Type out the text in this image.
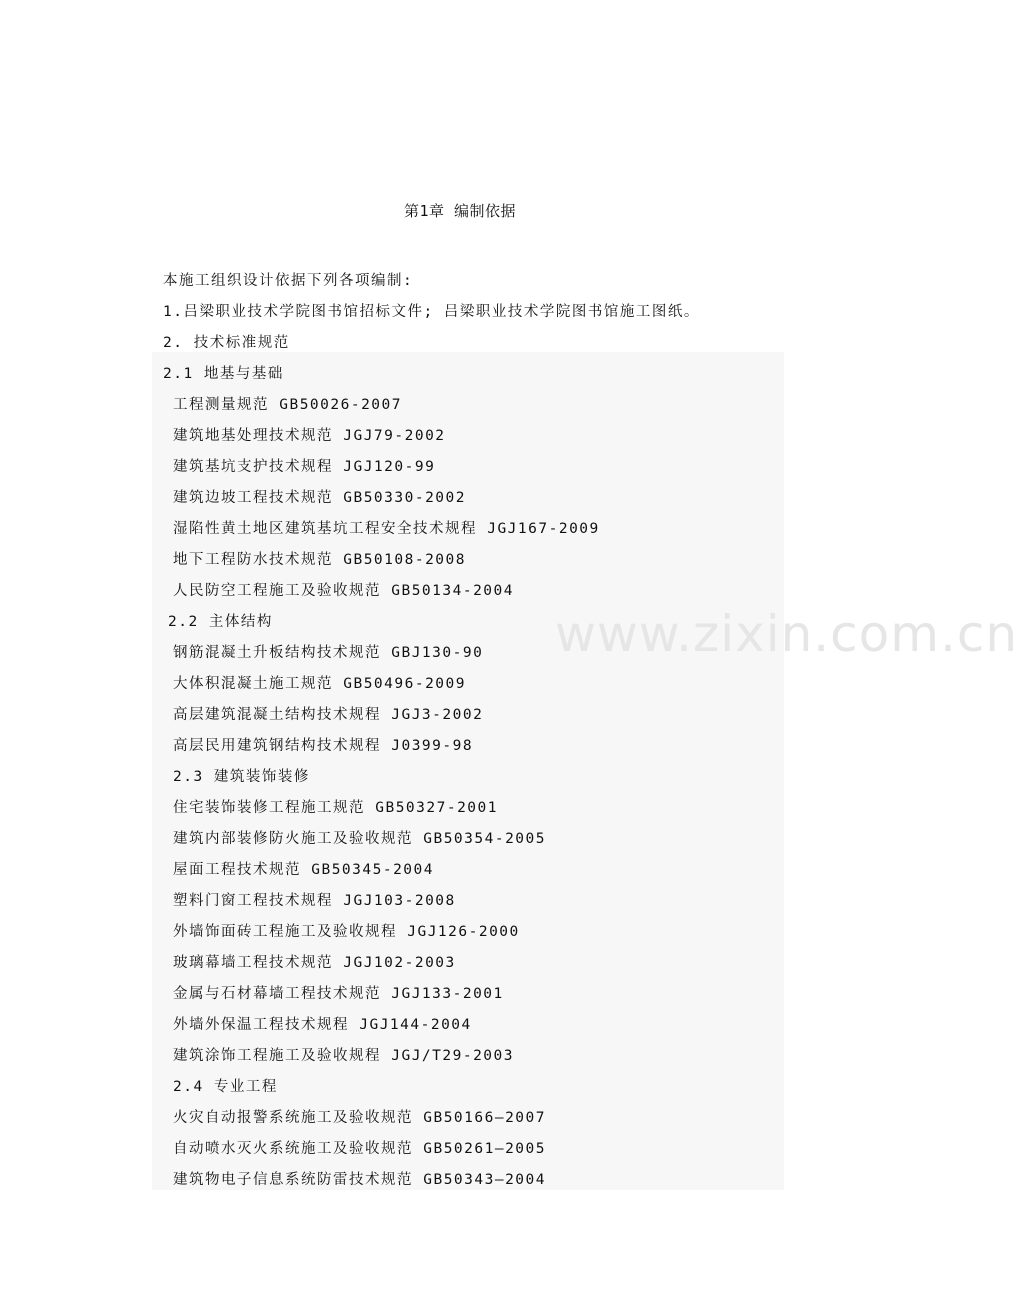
www.zixin.com.cn
第1章 编制依据
本施工组织设计依据下列各项编制:
1.吕梁职业技术学院图书馆招标文件; 吕梁职业技术学院图书馆施工图纸。
2. 技术标准规范
2.1 地基与基础
工程测量规范 GB50026-2007
建筑地基处理技术规范 JGJ79-2002
建筑基坑支护技术规程 JGJ120-99
建筑边坡工程技术规范 GB50330-2002
湿陷性黄土地区建筑基坑工程安全技术规程 JGJ167-2009
地下工程防水技术规范 GB50108-2008
人民防空工程施工及验收规范 GB50134-2004
2.2 主体结构
钢筋混凝土升板结构技术规范 GBJ130-90
大体积混凝土施工规范 GB50496-2009
高层建筑混凝土结构技术规程 JGJ3-2002
高层民用建筑钢结构技术规程 J0399-98
2.3 建筑装饰装修
住宅装饰装修工程施工规范 GB50327-2001
建筑内部装修防火施工及验收规范 GB50354-2005
屋面工程技术规范 GB50345-2004
塑料门窗工程技术规程 JGJ103-2008
外墙饰面砖工程施工及验收规程 JGJ126-2000
玻璃幕墙工程技术规范 JGJ102-2003
金属与石材幕墙工程技术规范 JGJ133-2001
外墙外保温工程技术规程 JGJ144-2004
建筑涂饰工程施工及验收规程 JGJ/T29-2003
2.4 专业工程
火灾自动报警系统施工及验收规范 GB50166—2007
自动喷水灭火系统施工及验收规范 GB50261—2005
建筑物电子信息系统防雷技术规范 GB50343—2004
